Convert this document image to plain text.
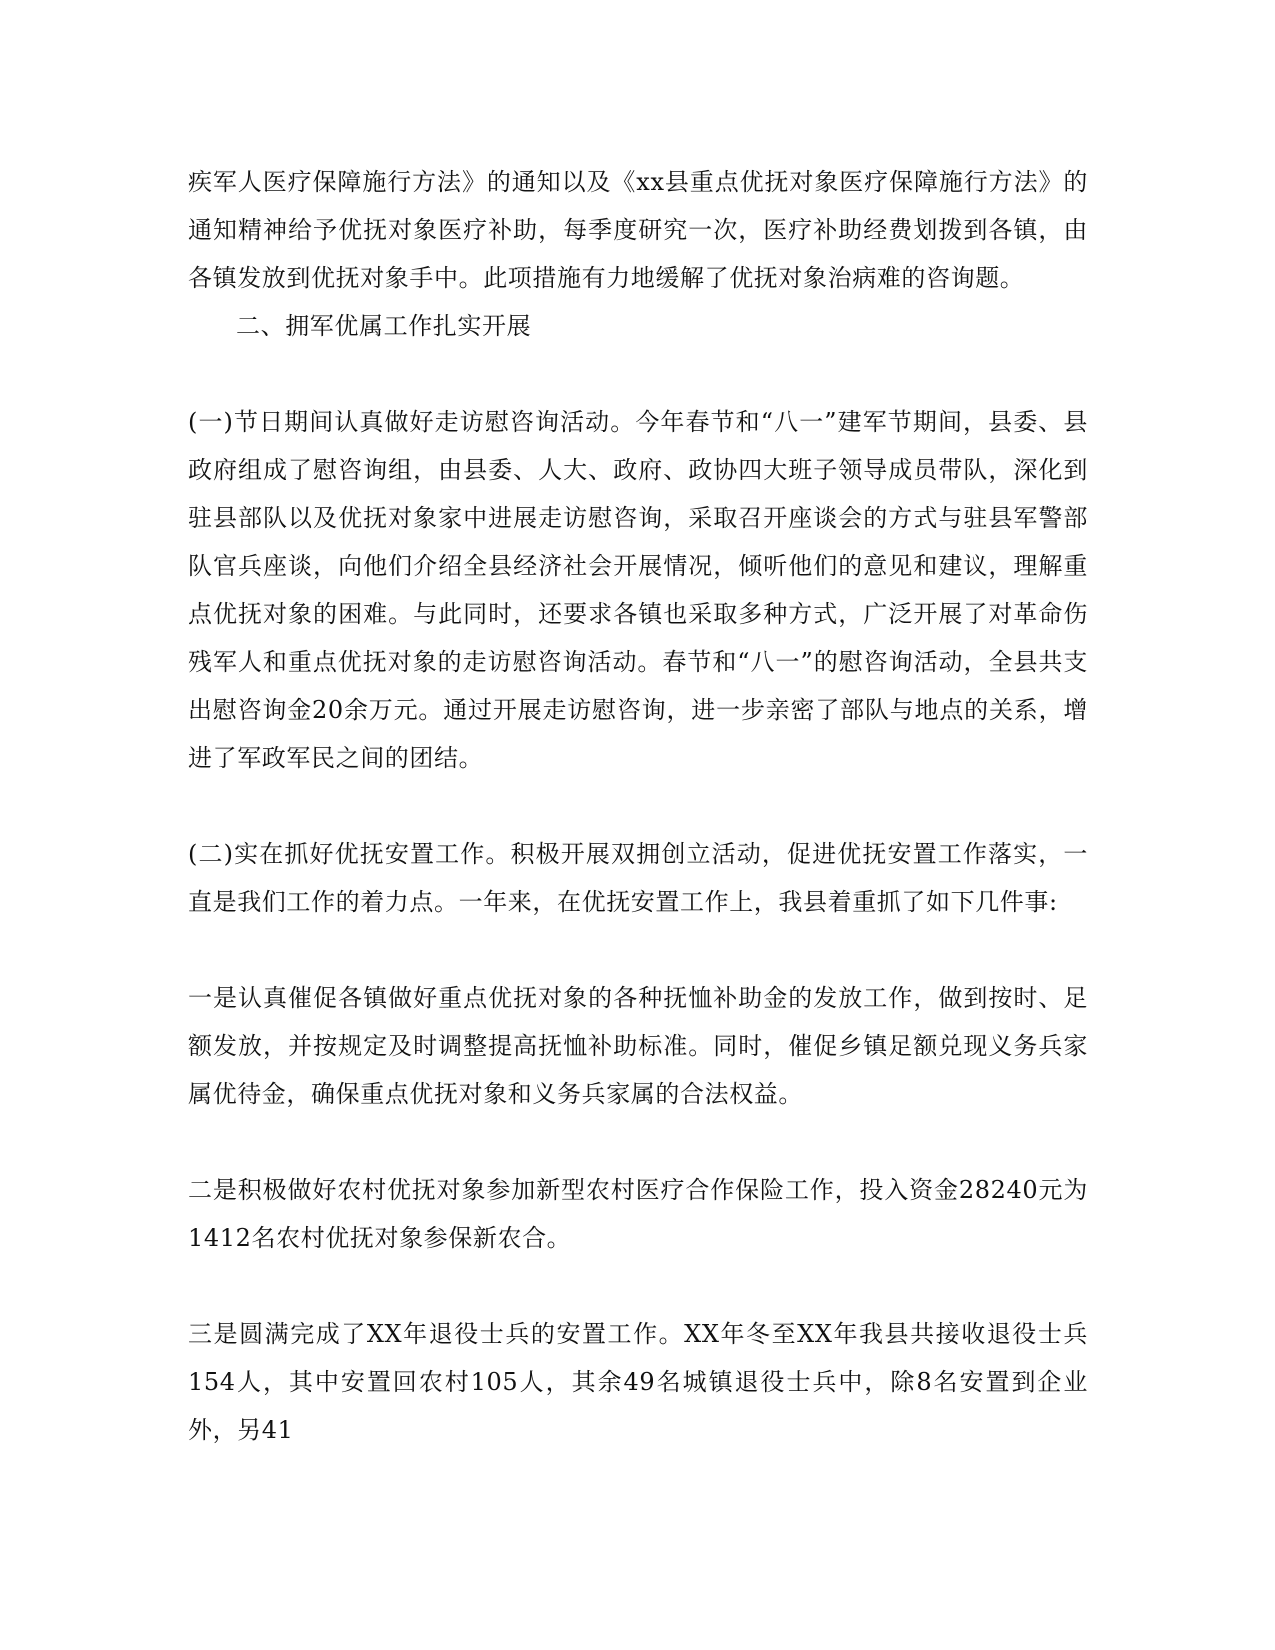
疾军人医疗保障施行方法》的通知以及《xx县重点优抚对象医疗保障施行方法》的通知精神给予优抚对象医疗补助，每季度研究一次，医疗补助经费划拨到各镇，由各镇发放到优抚对象手中。此项措施有力地缓解了优抚对象治病难的咨询题。

二、拥军优属工作扎实开展

(一)节日期间认真做好走访慰咨询活动。今年春节和“八一”建军节期间，县委、县政府组成了慰咨询组，由县委、人大、政府、政协四大班子领导成员带队，深化到驻县部队以及优抚对象家中进展走访慰咨询，采取召开座谈会的方式与驻县军警部队官兵座谈，向他们介绍全县经济社会开展情况，倾听他们的意见和建议，理解重点优抚对象的困难。与此同时，还要求各镇也采取多种方式，广泛开展了对革命伤残军人和重点优抚对象的走访慰咨询活动。春节和“八一”的慰咨询活动，全县共支出慰咨询金20余万元。通过开展走访慰咨询，进一步亲密了部队与地点的关系，增进了军政军民之间的团结。

(二)实在抓好优抚安置工作。积极开展双拥创立活动，促进优抚安置工作落实，一直是我们工作的着力点。一年来，在优抚安置工作上，我县着重抓了如下几件事:

一是认真催促各镇做好重点优抚对象的各种抚恤补助金的发放工作，做到按时、足额发放，并按规定及时调整提高抚恤补助标准。同时，催促乡镇足额兑现义务兵家属优待金，确保重点优抚对象和义务兵家属的合法权益。

二是积极做好农村优抚对象参加新型农村医疗合作保险工作，投入资金28240元为1412名农村优抚对象参保新农合。

三是圆满完成了XX年退役士兵的安置工作。XX年冬至XX年我县共接收退役士兵154人，其中安置回农村105人，其余49名城镇退役士兵中，除8名安置到企业外，另41
